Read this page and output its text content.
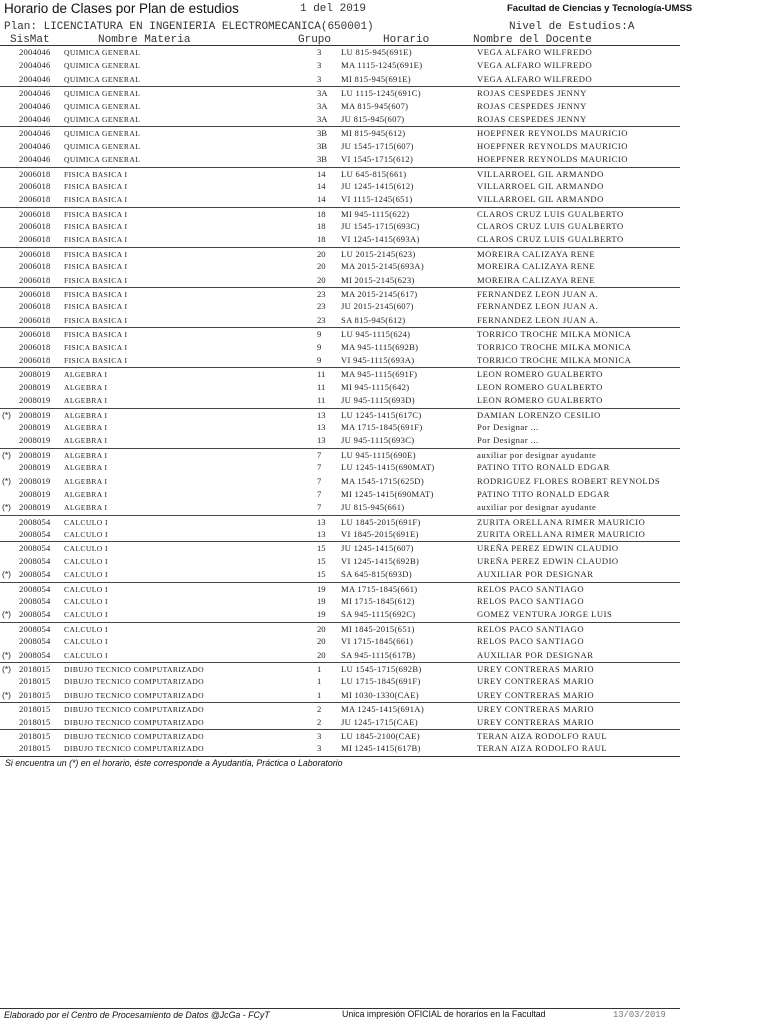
Horario de Clases por Plan de estudios	1 del 2019	Facultad de Ciencias y Tecnología-UMSS
Plan: LICENCIATURA EN INGENIERIA ELECTROMECANICA(650001)	Nivel de Estudios:A
SisMat	Nombre Materia	Grupo	Horario	Nombre del Docente
2004046 QUIMICA GENERAL	3 LU 815-945(691E)	VEGA ALFARO WILFREDO
2004046 QUIMICA GENERAL	3 MA 1115-1245(691E)	VEGA ALFARO WILFREDO
2004046 QUIMICA GENERAL	3 MI 815-945(691E)	VEGA ALFARO WILFREDO
2004046 QUIMICA GENERAL	3A LU 1115-1245(691C)	ROJAS CESPEDES JENNY
2004046 QUIMICA GENERAL	3A MA 815-945(607)	ROJAS CESPEDES JENNY
2004046 QUIMICA GENERAL	3A JU 815-945(607)	ROJAS CESPEDES JENNY
2004046 QUIMICA GENERAL	3B MI 815-945(612)	HOEPFNER REYNOLDS MAURICIO
2004046 QUIMICA GENERAL	3B JU 1545-1715(607)	HOEPFNER REYNOLDS MAURICIO
2004046 QUIMICA GENERAL	3B VI 1545-1715(612)	HOEPFNER REYNOLDS MAURICIO
2006018 FISICA BASICA I	14 LU 645-815(661)	VILLARROEL GIL ARMANDO
2006018 FISICA BASICA I	14 JU 1245-1415(612)	VILLARROEL GIL ARMANDO
2006018 FISICA BASICA I	14 VI 1115-1245(651)	VILLARROEL GIL ARMANDO
2006018 FISICA BASICA I	18 MI 945-1115(622)	CLAROS CRUZ LUIS GUALBERTO
2006018 FISICA BASICA I	18 JU 1545-1715(693C)	CLAROS CRUZ LUIS GUALBERTO
2006018 FISICA BASICA I	18 VI 1245-1415(693A)	CLAROS CRUZ LUIS GUALBERTO
2006018 FISICA BASICA I	20 LU 2015-2145(623)	MOREIRA CALIZAYA RENE
2006018 FISICA BASICA I	20 MA 2015-2145(693A)	MOREIRA CALIZAYA RENE
2006018 FISICA BASICA I	20 MI 2015-2145(623)	MOREIRA CALIZAYA RENE
2006018 FISICA BASICA I	23 MA 2015-2145(617)	FERNANDEZ LEON JUAN A.
2006018 FISICA BASICA I	23 JU 2015-2145(607)	FERNANDEZ LEON JUAN A.
2006018 FISICA BASICA I	23 SA 815-945(612)	FERNANDEZ LEON JUAN A.
2006018 FISICA BASICA I	9 LU 945-1115(624)	TORRICO TROCHE MILKA MONICA
2006018 FISICA BASICA I	9 MA 945-1115(692B)	TORRICO TROCHE MILKA MONICA
2006018 FISICA BASICA I	9 VI 945-1115(693A)	TORRICO TROCHE MILKA MONICA
2008019 ALGEBRA I	11 MA 945-1115(691F)	LEON ROMERO GUALBERTO
2008019 ALGEBRA I	11 MI 945-1115(642)	LEON ROMERO GUALBERTO
2008019 ALGEBRA I	11 JU 945-1115(693D)	LEON ROMERO GUALBERTO
(*) 2008019 ALGEBRA I	13 LU 1245-1415(617C)	DAMIAN LORENZO CESILIO
2008019 ALGEBRA I	13 MA 1715-1845(691F)	Por Designar ...
2008019 ALGEBRA I	13 JU 945-1115(693C)	Por Designar ...
(*) 2008019 ALGEBRA I	7 LU 945-1115(690E)	auxiliar por designar ayudante
2008019 ALGEBRA I	7 LU 1245-1415(690MAT)	PATINO TITO RONALD EDGAR
(*) 2008019 ALGEBRA I	7 MA 1545-1715(625D)	RODRIGUEZ FLORES ROBERT REYNOLDS
2008019 ALGEBRA I	7 MI 1245-1415(690MAT)	PATINO TITO RONALD EDGAR
(*) 2008019 ALGEBRA I	7 JU 815-945(661)	auxiliar por designar ayudante
2008054 CALCULO I	13 LU 1845-2015(691F)	ZURITA ORELLANA RIMER MAURICIO
2008054 CALCULO I	13 VI 1845-2015(691E)	ZURITA ORELLANA RIMER MAURICIO
2008054 CALCULO I	15 JU 1245-1415(607)	UREÑA PEREZ EDWIN CLAUDIO
2008054 CALCULO I	15 VI 1245-1415(692B)	UREÑA PEREZ EDWIN CLAUDIO
(*) 2008054 CALCULO I	15 SA 645-815(693D)	AUXILIAR POR DESIGNAR
2008054 CALCULO I	19 MA 1715-1845(661)	RELOS PACO SANTIAGO
2008054 CALCULO I	19 MI 1715-1845(612)	RELOS PACO SANTIAGO
(*) 2008054 CALCULO I	19 SA 945-1115(692C)	GOMEZ VENTURA JORGE LUIS
2008054 CALCULO I	20 MI 1845-2015(651)	RELOS PACO SANTIAGO
2008054 CALCULO I	20 VI 1715-1845(661)	RELOS PACO SANTIAGO
(*) 2008054 CALCULO I	20 SA 945-1115(617B)	AUXILIAR POR DESIGNAR
(*) 2018015 DIBUJO TECNICO COMPUTARIZADO	1 LU 1545-1715(692B)	UREY CONTRERAS MARIO
2018015 DIBUJO TECNICO COMPUTARIZADO	1 LU 1715-1845(691F)	UREY CONTRERAS MARIO
(*) 2018015 DIBUJO TECNICO COMPUTARIZADO	1 MI 1030-1330(CAE)	UREY CONTRERAS MARIO
2018015 DIBUJO TECNICO COMPUTARIZADO	2 MA 1245-1415(691A)	UREY CONTRERAS MARIO
2018015 DIBUJO TECNICO COMPUTARIZADO	2 JU 1245-1715(CAE)	UREY CONTRERAS MARIO
2018015 DIBUJO TECNICO COMPUTARIZADO	3 LU 1845-2100(CAE)	TERAN AIZA RODOLFO RAUL
2018015 DIBUJO TECNICO COMPUTARIZADO	3 MI 1245-1415(617B)	TERAN AIZA RODOLFO RAUL
Si encuentra un (*) en el horario, éste corresponde a Ayudantía, Práctica o Laboratorio
Elaborado por el Centro de Procesamiento de Datos @JcGa - FCyT	Unica impresión OFICIAL de horarios en la Facultad	13/03/2019
